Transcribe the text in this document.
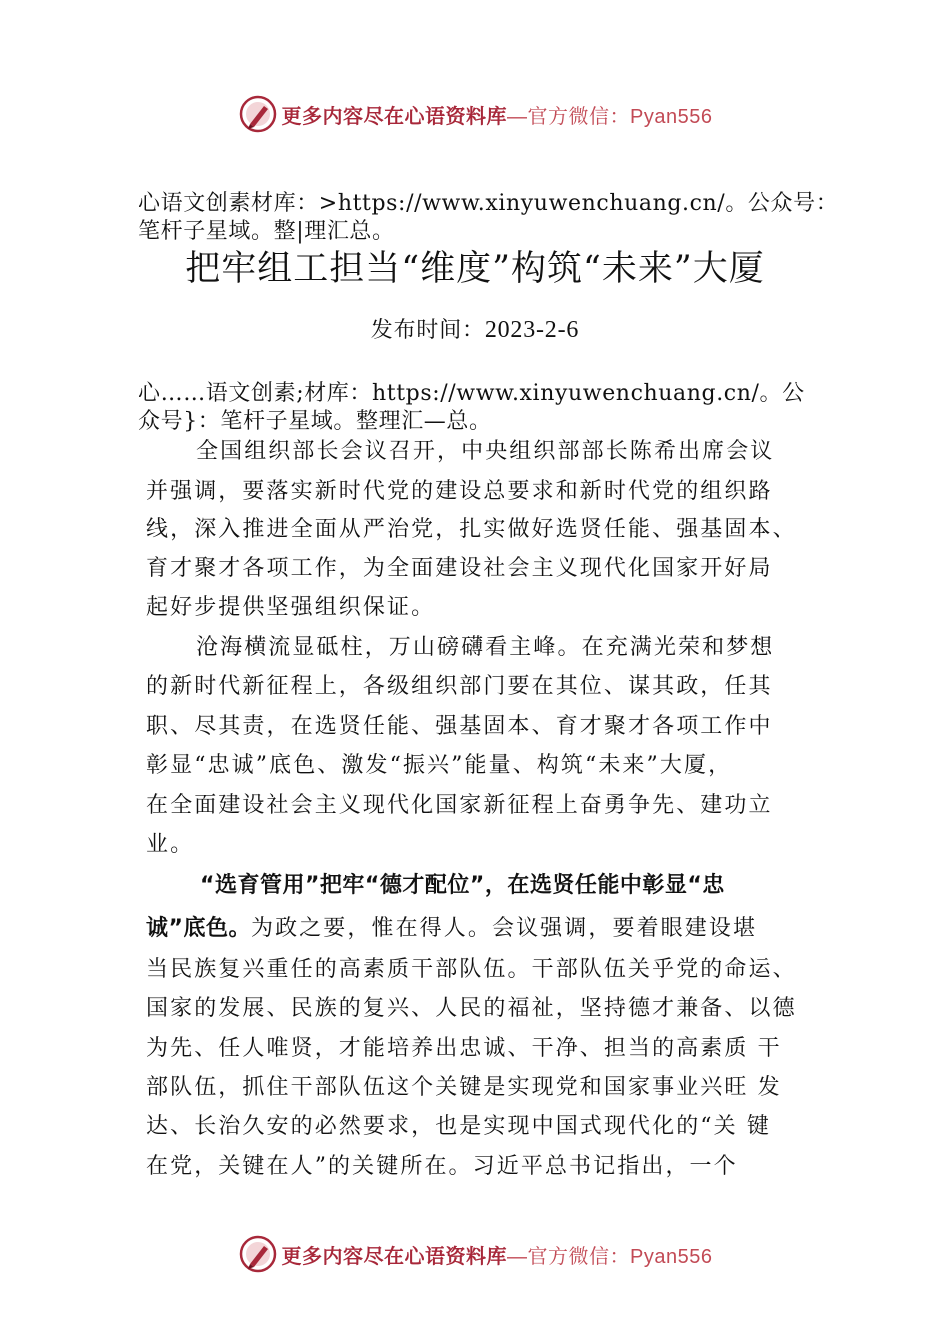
更多内容尽在心语资料库—官方微信：Pyan556
心语文创素材库：>https://www.xinyuwenchuang.cn/。公众号：
笔杆子星域。整|理汇总。
把牢组工担当“维度”构筑“未来”大厦
发布时间：2023-2-6
心……语文创素;材库：https://www.xinyuwenchuang.cn/。公
众号}：笔杆子星域。整理汇—总。
全国组织部长会议召开，中央组织部部长陈希出席会议
并强调，要落实新时代党的建设总要求和新时代党的组织路
线，深入推进全面从严治党，扎实做好选贤任能、强基固本、
育才聚才各项工作，为全面建设社会主义现代化国家开好局
起好步提供坚强组织保证。
沧海横流显砥柱，万山磅礴看主峰。在充满光荣和梦想
的新时代新征程上，各级组织部门要在其位、谋其政，任其
职、尽其责，在选贤任能、强基固本、育才聚才各项工作中
彰显“忠诚”底色、激发“振兴”能量、构筑“未来”大厦，
在全面建设社会主义现代化国家新征程上奋勇争先、建功立
业。
“选育管用”把牢“德才配位”，在选贤任能中彰显“忠
诚”底色。为政之要，惟在得人。会议强调，要着眼建设堪
当民族复兴重任的高素质干部队伍。干部队伍关乎党的命运、
国家的发展、民族的复兴、人民的福祉，坚持德才兼备、以德
为先、任人唯贤，才能培养出忠诚、干净、担当的高素质 干
部队伍，抓住干部队伍这个关键是实现党和国家事业兴旺 发
达、长治久安的必然要求，也是实现中国式现代化的“关 键
在党，关键在人”的关键所在。习近平总书记指出，一个
更多内容尽在心语资料库—官方微信：Pyan556
